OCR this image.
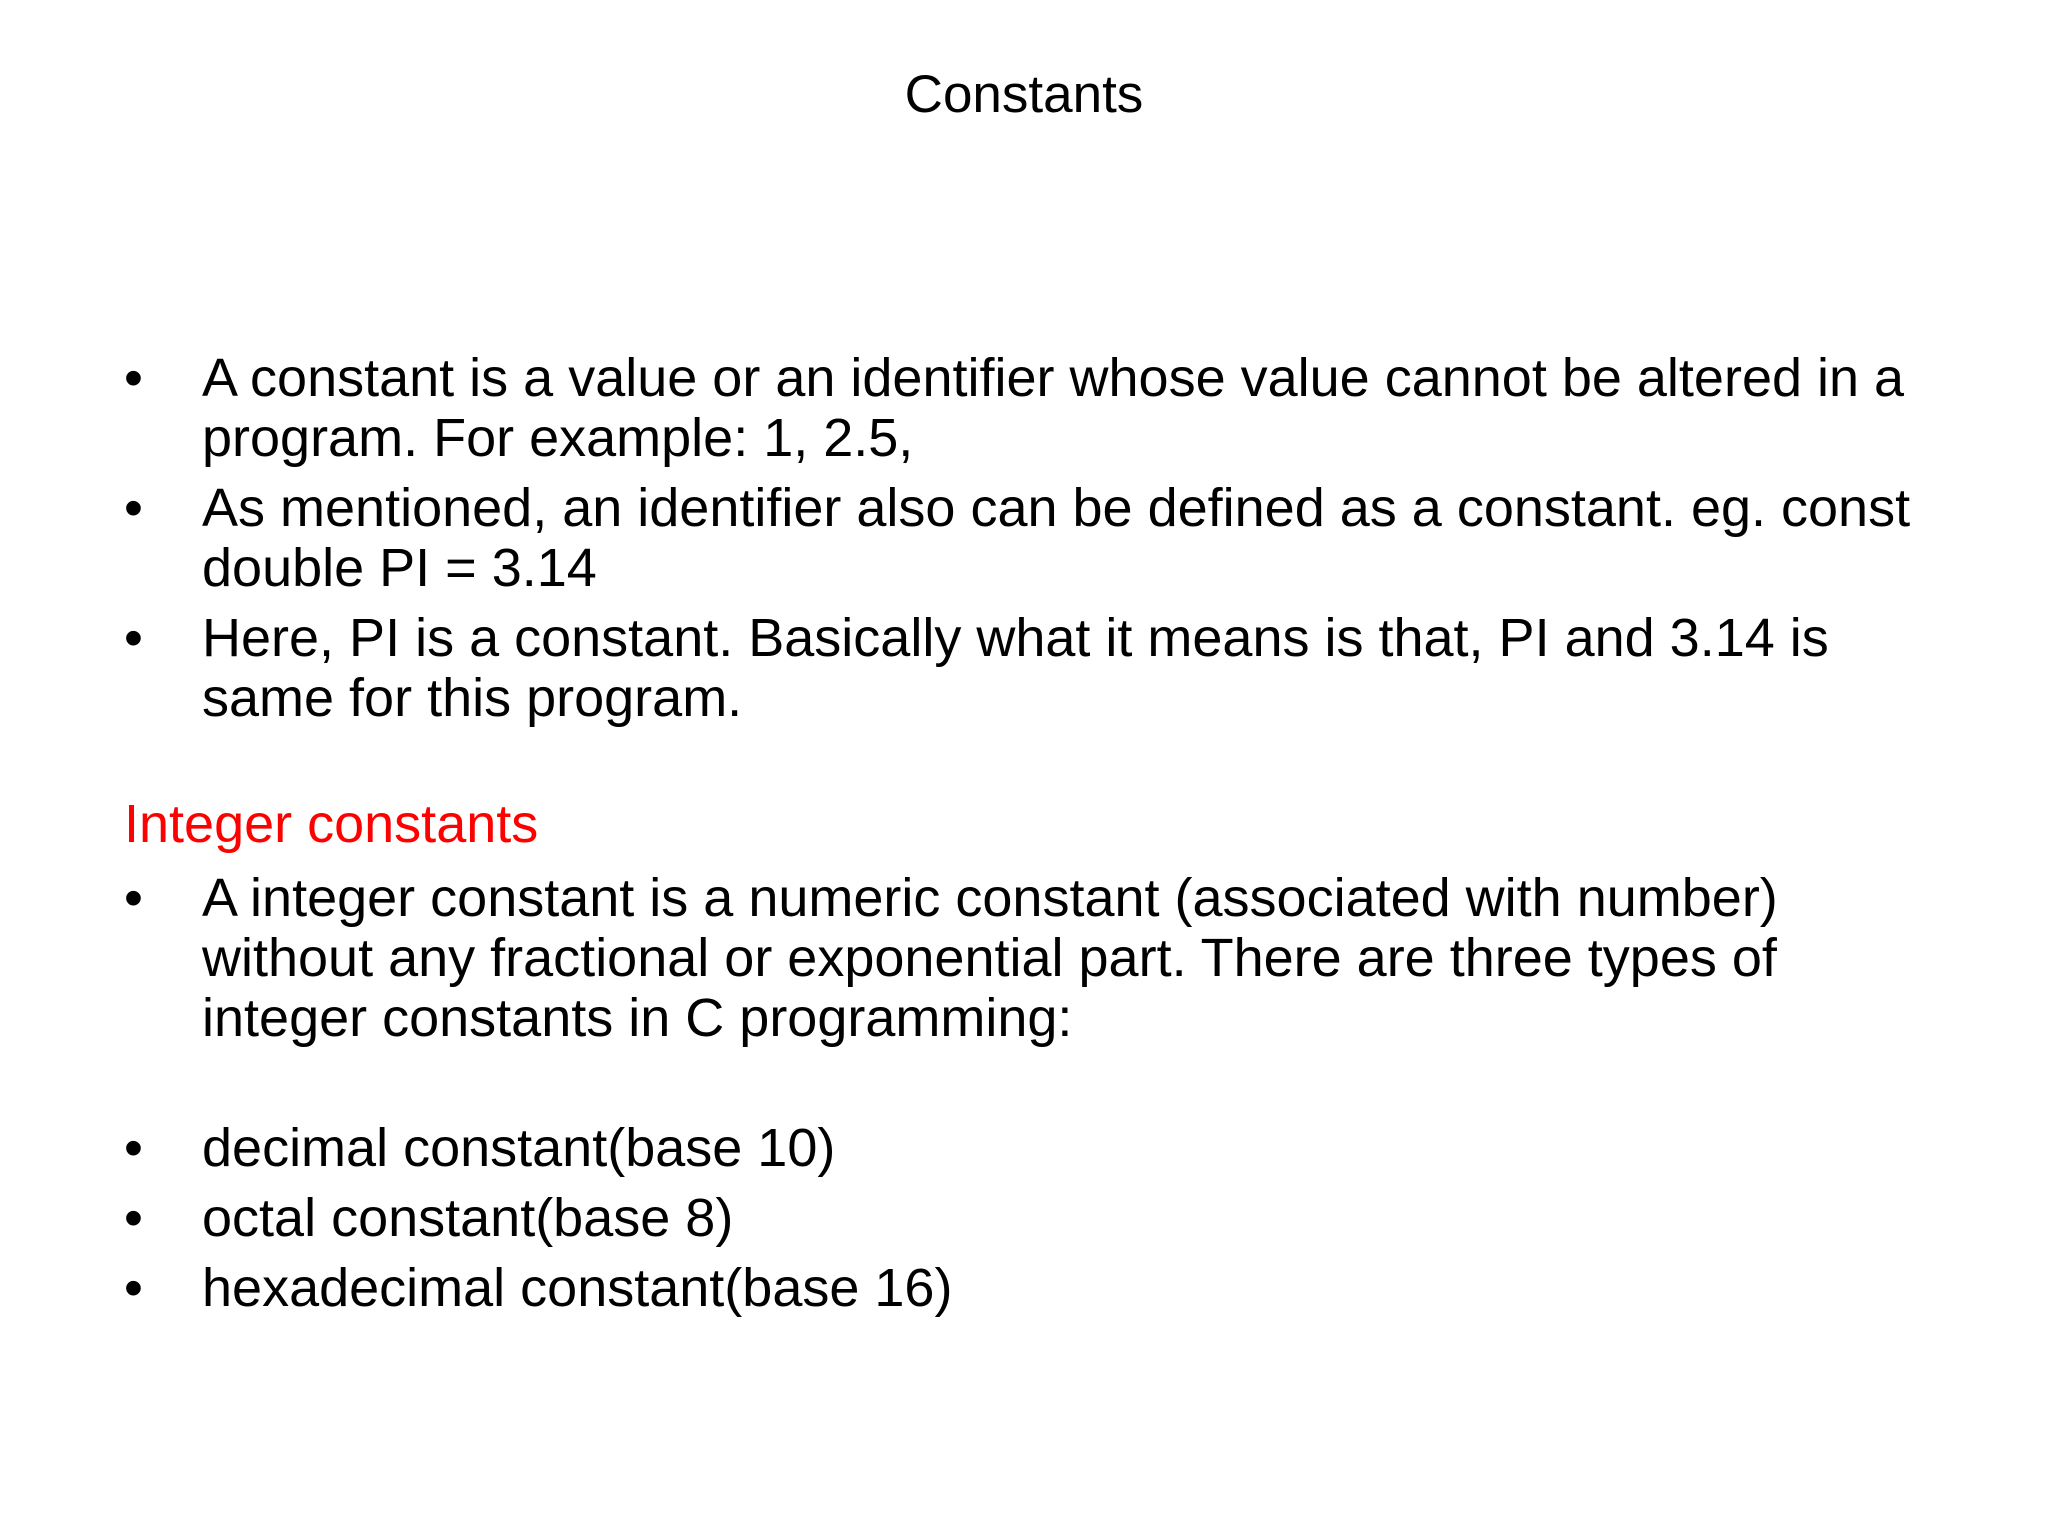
Constants
•	A constant is a value or an identifier whose value cannot be altered in a program. For example: 1, 2.5,
•	As mentioned, an identifier also can be defined as a constant. eg. const double PI = 3.14
•	Here, PI is a constant. Basically what it means is that, PI and 3.14 is same for this program.
Integer constants
•	A integer constant is a numeric constant (associated with number) without any fractional or exponential part. There are three types of integer constants in C programming:
•	decimal constant(base 10)
•	octal constant(base 8)
•	hexadecimal constant(base 16)
